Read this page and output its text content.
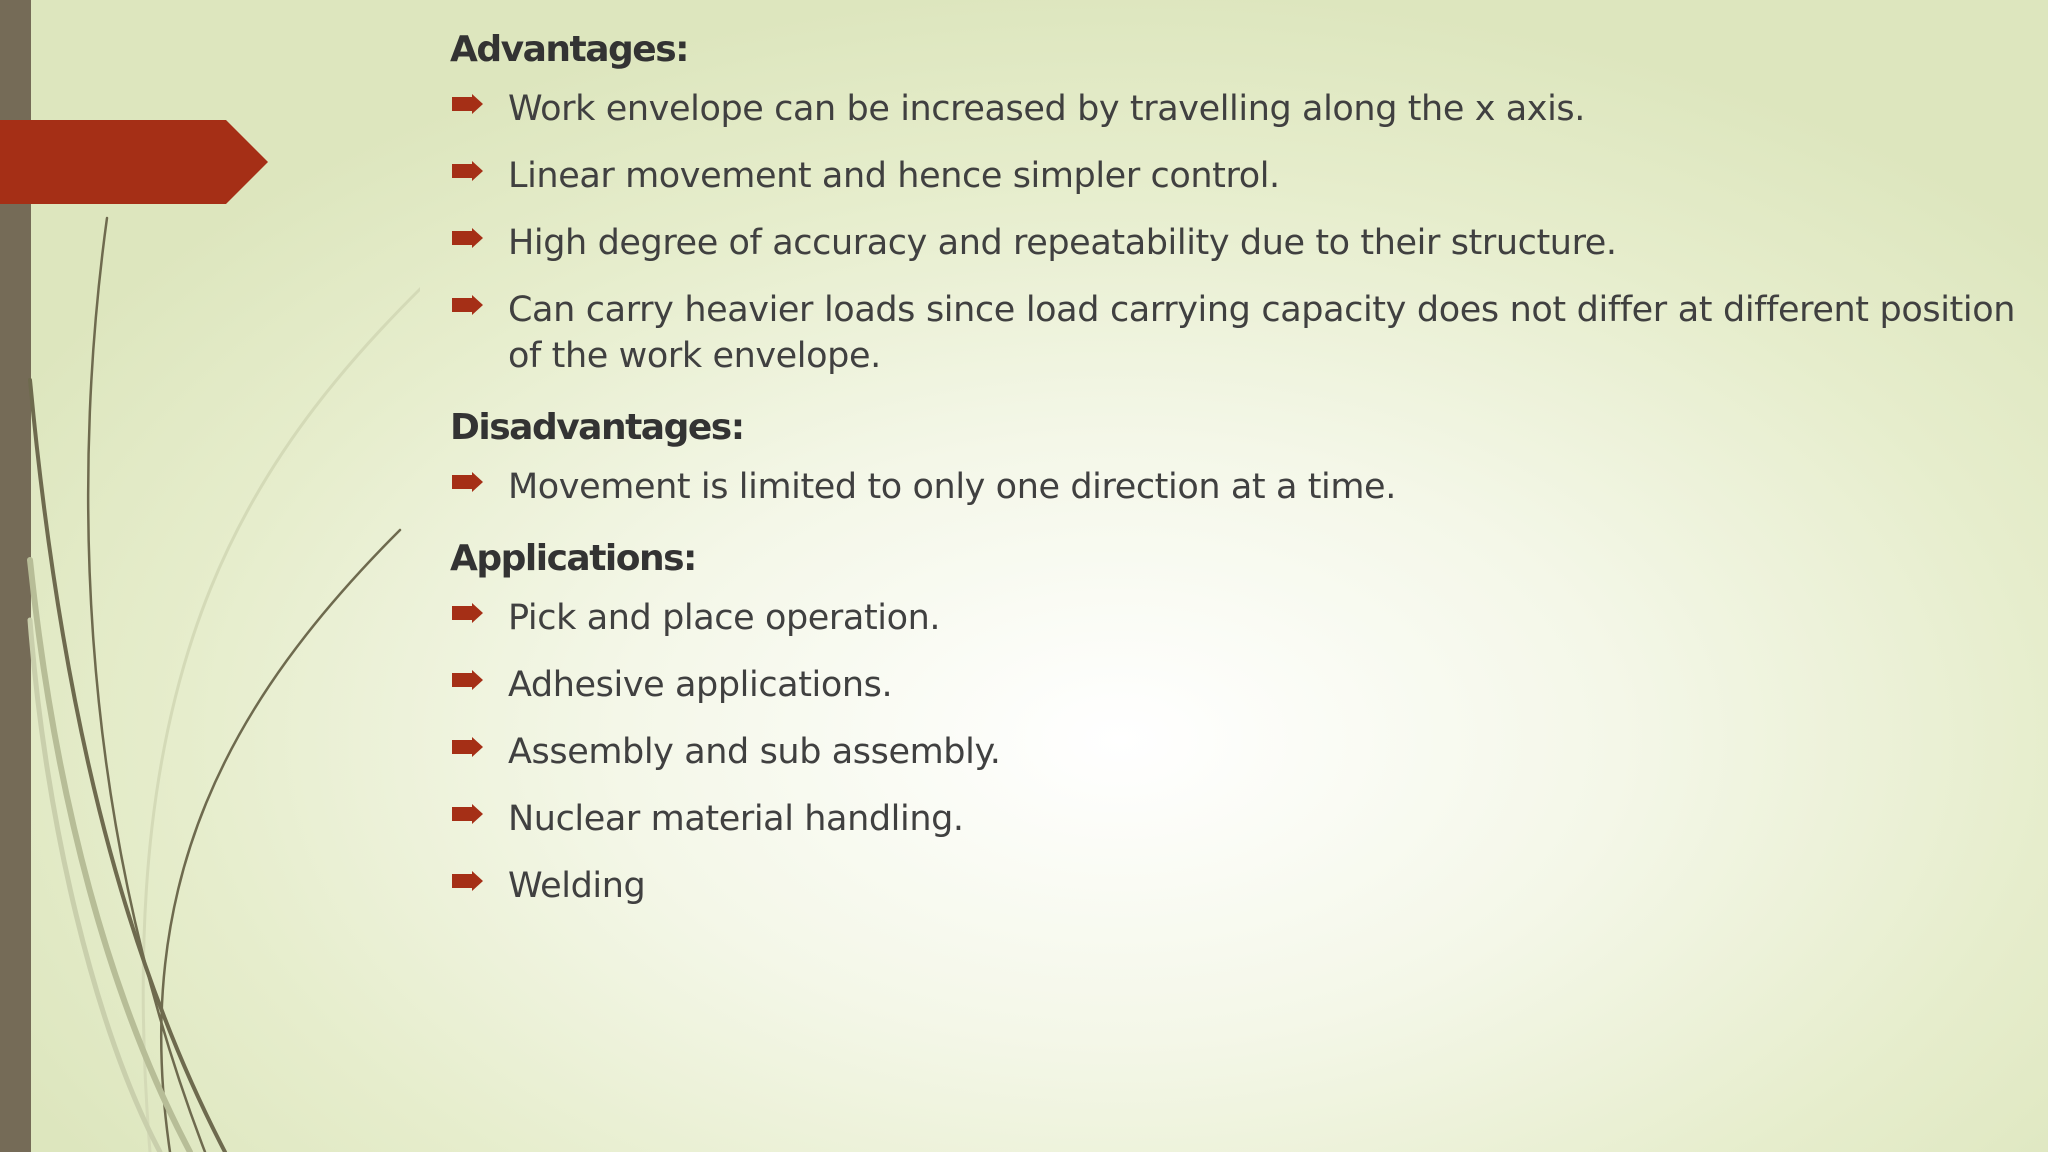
Advantages:
Work envelope can be increased by travelling along the x axis.
Linear movement and hence simpler control.
High degree of accuracy and repeatability due to their structure.
Can carry heavier loads since load carrying capacity does not differ at different position of the work envelope.
Disadvantages:
Movement is limited to only one direction at a time.
Applications:
Pick and place operation.
Adhesive applications.
Assembly and sub assembly.
Nuclear material handling.
Welding
